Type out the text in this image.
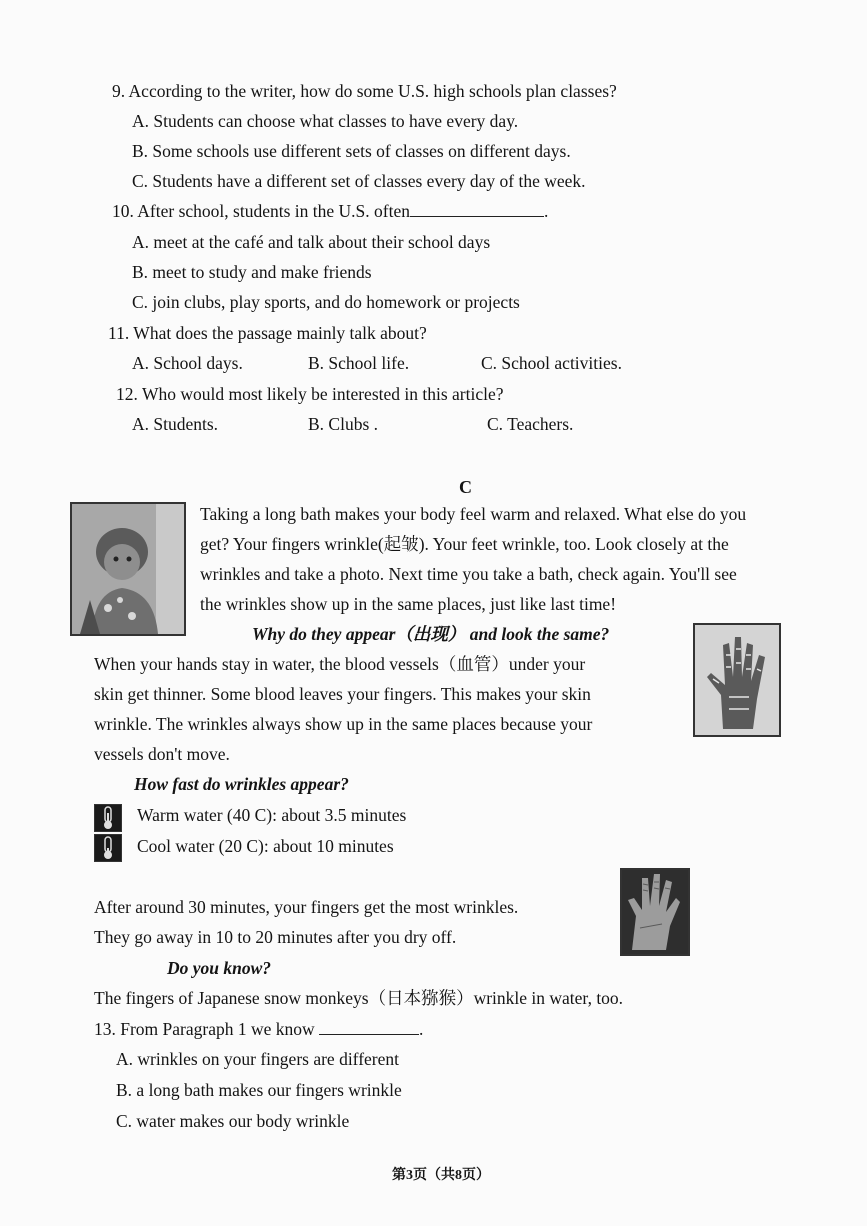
9. According to the writer, how do some U.S. high schools plan classes?
A. Students can choose what classes to have every day.
B. Some schools use different sets of classes on different days.
C. Students have a different set of classes every day of the week.
10. After school, students in the U.S. often	.
A. meet at the café and talk about their school days
B. meet to study and make friends
C. join clubs, play sports, and do homework or projects
11. What does the passage mainly talk about?
A. School days.	B. School life.	C. School activities.
12. Who would most likely be interested in this article?
A. Students.	B. Clubs .	C. Teachers.
C
Taking a long bath makes your body feel warm and relaxed. What else do you
get? Your fingers wrinkle(起皱). Your feet wrinkle, too. Look closely at the
wrinkles and take a photo. Next time you take a bath, check again. You'll see
the wrinkles show up in the same places, just like last time!
Why do they appear（出现） and look the same?
When your hands stay in water, the blood vessels（血管）under your
skin get thinner. Some blood leaves your fingers. This makes your skin
wrinkle. The wrinkles always show up in the same places because your
vessels don't move.
How fast do wrinkles appear?
Warm water (40 C): about 3.5 minutes
Cool water (20 C): about 10 minutes
After around 30 minutes, your fingers get the most wrinkles.
They go away in 10 to 20 minutes after you dry off.
Do you know?
The fingers of Japanese snow monkeys（日本猕猴）wrinkle in water, too.
13. From Paragraph 1 we know	.
A. wrinkles on your fingers are different
B. a long bath makes our fingers wrinkle
C. water makes our body wrinkle
第3页（共8页）
